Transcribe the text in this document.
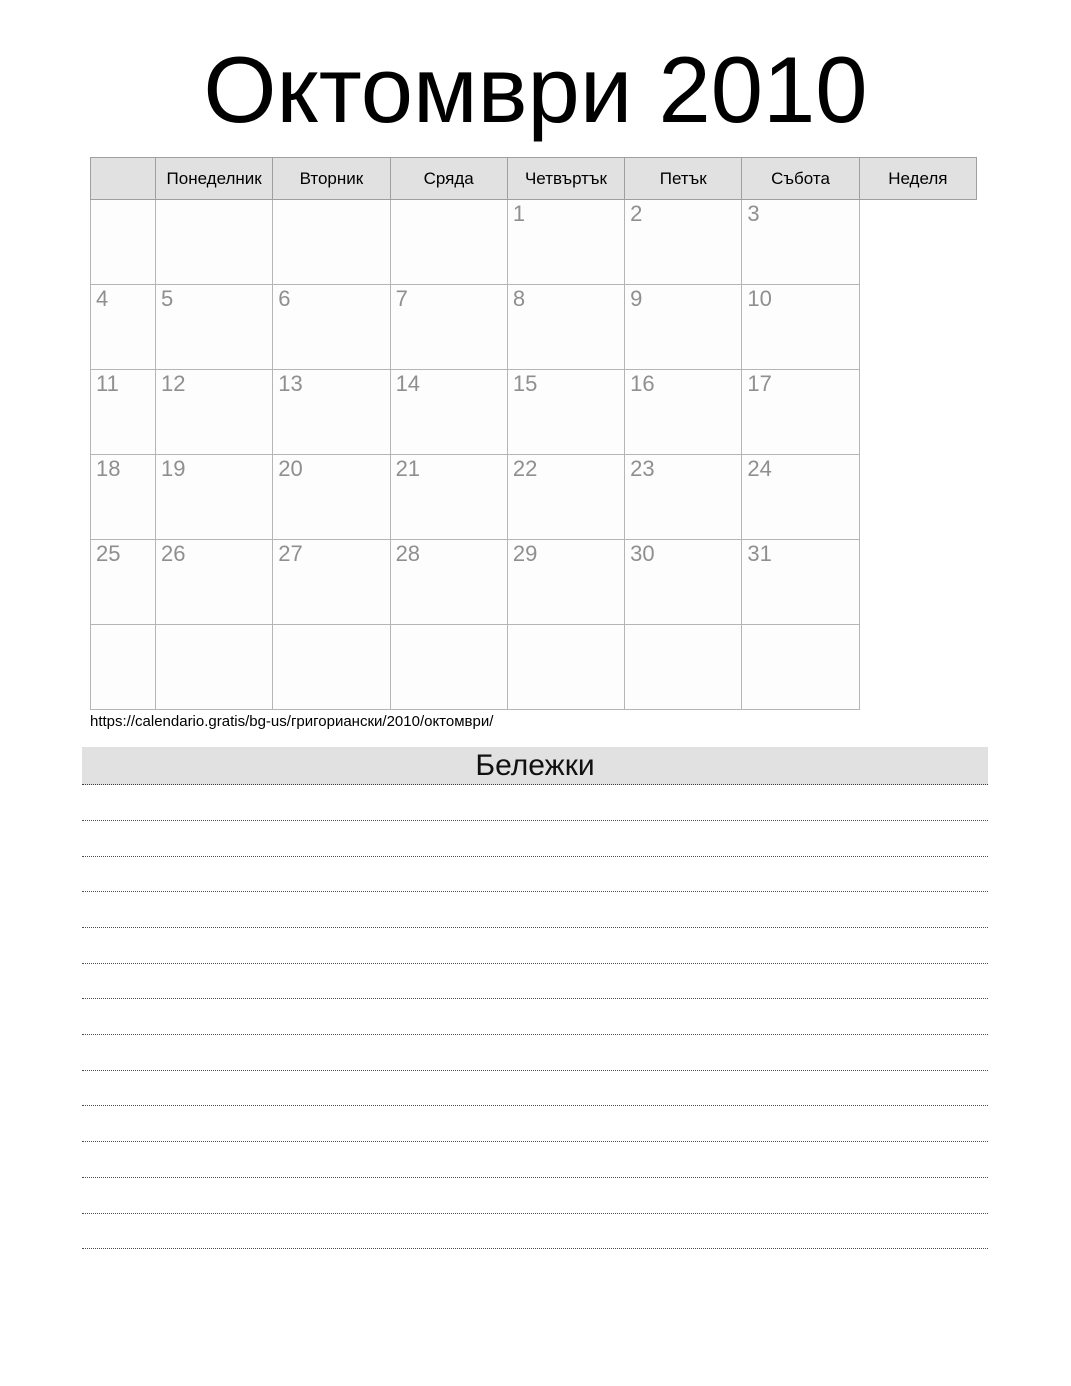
Октомври 2010
	Понеделник	Вторник	Сряда	Четвъртък	Петък	Събота	Неделя

				1	2	3	

4	5	6	7	8	9	10	

11	12	13	14	15	16	17	

18	19	20	21	22	23	24	

25	26	27	28	29	30	31	

https://calendario.gratis/bg-us/григориански/2010/октомври/
Бележки
